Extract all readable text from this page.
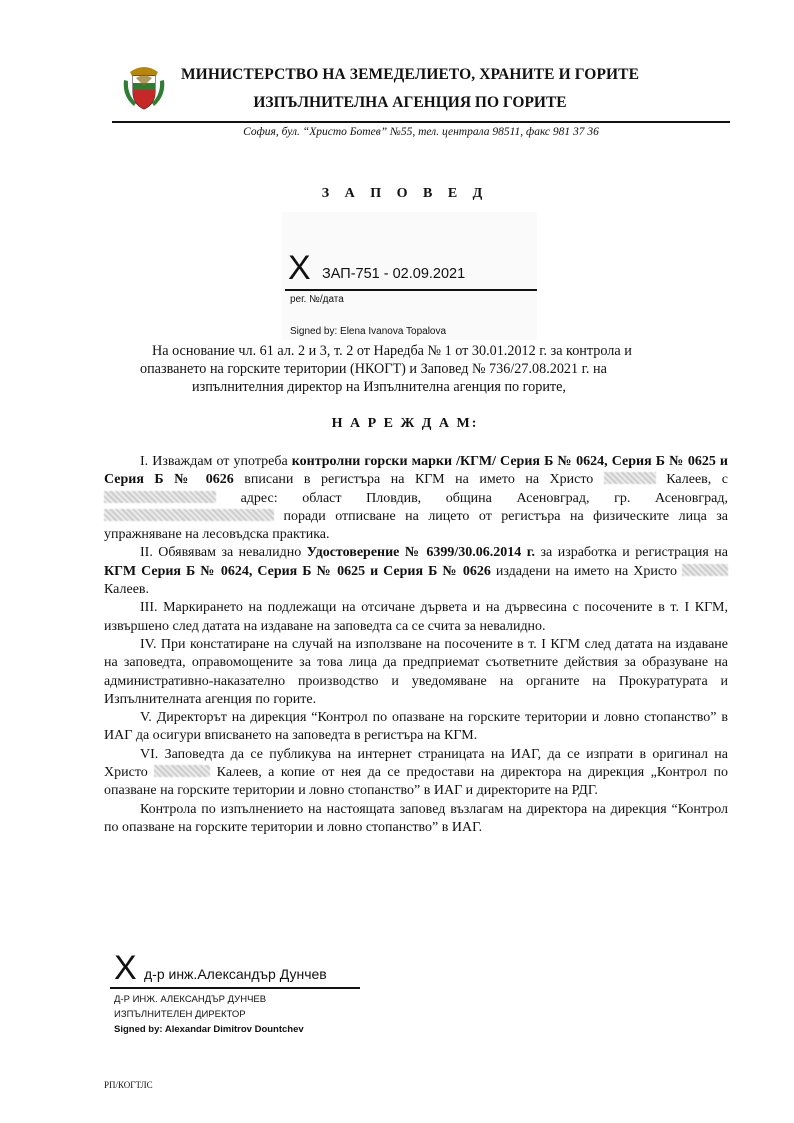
МИНИСТЕРСТВО НА ЗЕМЕДЕЛИЕТО, ХРАНИТЕ И ГОРИТЕ
ИЗПЪЛНИТЕЛНА АГЕНЦИЯ ПО ГОРИТЕ
София, бул. “Христо Ботев” №55, тел. централа 98511, факс 981 37 36
З А П О В Е Д
X ЗАП-751 - 02.09.2021
рег. №/дата
Signed by: Elena Ivanova Topalova
На основание чл. 61 ал. 2 и 3, т. 2 от Наредба № 1 от 30.01.2012 г. за контрола и
опазването на горските територии (НКОГТ) и Заповед № 736/27.08.2021 г. на
изпълнителния директор на Изпълнителна агенция по горите,
Н А Р Е Ж Д А М:

I. Изваждам от употреба контролни горски марки /КГМ/ Серия Б № 0624, Серия Б № 0625 и Серия Б № 0626 вписани в регистъра на КГМ на името на Христо	Калеев, с  адрес: област Пловдив, община Асеновград, гр. Асеновград,  поради отписване на лицето от регистъра на физическите лица за упражняване на лесовъдска практика.

II. Обявявам за невалидно Удостоверение № 6399/30.06.2014 г. за изработка и регистрация на КГМ Серия Б № 0624, Серия Б № 0625 и Серия Б № 0626 издадени на името на Христо Калеев.

III. Маркирането на подлежащи на отсичане дървета и на дървесина с посочените в т. I КГМ, извършено след датата на издаване на заповедта са се счита за невалидно.

IV. При констатиране на случай на използване на посочените в т. I КГМ след датата на издаване на заповедта, оправомощените за това лица да предприемат съответните действия за образуване на административно-наказателно производство и уведомяване на органите на Прокуратурата и Изпълнителната агенция по горите.

V. Директорът на дирекция “Контрол по опазване на горските територии и ловно стопанство” в ИАГ да осигури вписването на заповедта в регистъра на КГМ.

VI. Заповедта да се публикува на интернет страницата на ИАГ, да се изпрати в оригинал на Христо	Калеев, а копие от нея да се предостави на директора на дирекция „Контрол по опазване на горските територии и ловно стопанство” в ИАГ и директорите на РДГ.

Контрола по изпълнението на настоящата заповед възлагам на директора на дирекция “Контрол по опазване на горските територии и ловно стопанство” в ИАГ.

X д-р инж.Александър Дунчев
Д-Р ИНЖ. АЛЕКСАНДЪР ДУНЧЕВ
ИЗПЪЛНИТЕЛЕН ДИРЕКТОР
Signed by: Alexandar Dimitrov Dountchev
РП/КОГТЛС
